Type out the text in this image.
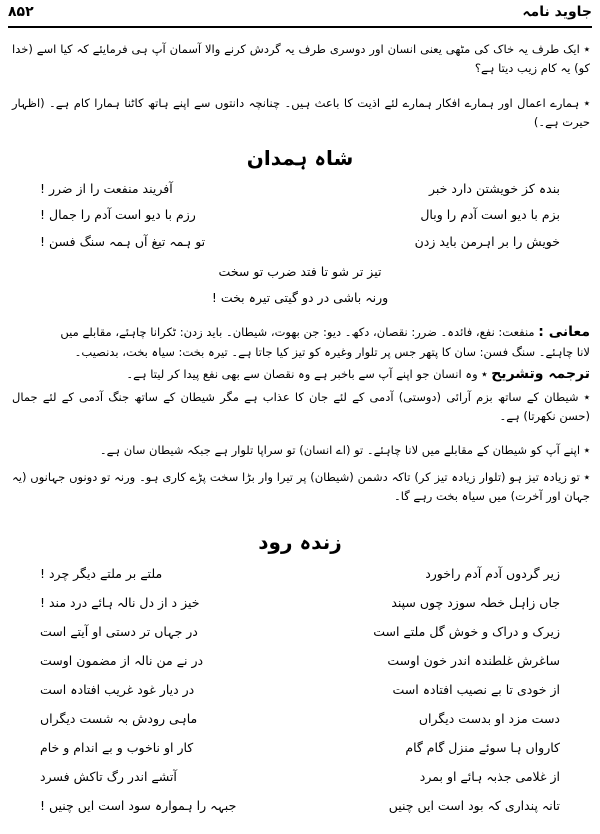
جاوید نامہ
۸۵۲
٭ ایک طرف یہ خاک کی مٹھی یعنی انسان اور دوسری طرف یہ گردش کرنے والا آسمان آپ ہی فرمایئے کہ کیا اسے (خدا کو) یہ کام زیب دیتا ہے؟
٭ ہمارے اعمال اور ہمارے افکار ہمارے لئے اذیت کا باعث ہیں۔ چنانچہ دانتوں سے اپنے ہاتھ کاٹنا ہمارا کام ہے۔ (اظہار حیرت ہے۔)
شاہ ہمدان
بندہ کز خویشتن دارد خبر
آفریند منفعت را از ضرر !
بزم با دیو است آدم را وبال
رزم با دیو است آدم را جمال !
خویش را بر اہرمن باید زدن
تو ہمہ تیغ آں ہمہ سنگ فسن !
تیز تر شو تا فتد ضرب تو سخت
ورنہ باشی در دو گیتی تیرہ بخت !
معانی : منفعت: نفع، فائدہ۔ ضرر: نقصان، دکھ۔ دیو: جن بھوت، شیطان۔ باید زدن: ٹکرانا چاہئے، مقابلے میں
لانا چاہئے۔ سنگ فسن: سان کا پتھر جس پر تلوار وغیرہ کو تیز کیا جاتا ہے۔ تیرہ بخت: سیاہ بخت، بدنصیب۔
ترجمہ وتشریح ٭ وہ انسان جو اپنے آپ سے باخبر ہے وہ نقصان سے بھی نفع پیدا کر لیتا ہے۔
٭ شیطان کے ساتھ بزم آرائی (دوستی) آدمی کے لئے جان کا عذاب ہے مگر شیطان کے ساتھ جنگ آدمی کے لئے جمال (حسن نکھرتا) ہے۔
٭ اپنے آپ کو شیطان کے مقابلے میں لانا چاہئے۔ تو (اے انسان) تو سراپا تلوار ہے جبکہ شیطان سان ہے۔
٭ تو زیادہ تیز ہو (تلوار زیادہ تیز کر) تاکہ دشمن (شیطان) پر تیرا وار بڑا سخت پڑے کاری ہو۔ ورنہ تو دونوں جہانوں (یہ جہان اور آخرت) میں سیاہ بخت رہے گا۔
زندہ رود
زیر گردوں آدم آدم راخورد
ملتے بر ملتے دیگر چرد !
جاں زاہل خطہ سوزد چوں سپند
خیز د از دل نالہ ہائے درد مند !
زیرک و دراک و خوش گل ملتے است
در جہاں تر دستی او آیتے است
ساغرش غلطندہ اندر خون اوست
در نے من نالہ از مضمون اوست
از خودی تا بے نصیب افتادہ است
در دیار غود غریب افتادہ است
دست مزد او بدست دیگراں
ماہی رودش بہ شست دیگراں
کارواں ہا سوئے منزل گام گام
کار او ناخوب و بے اندام و خام
از غلامی جذبہ ہائے او بمرد
آتشے اندر رگ تاکش فسرد
تانہ پنداری کہ بود است ایں چنیں
جبہہ را ہموارہ سود است ایں چنیں !
